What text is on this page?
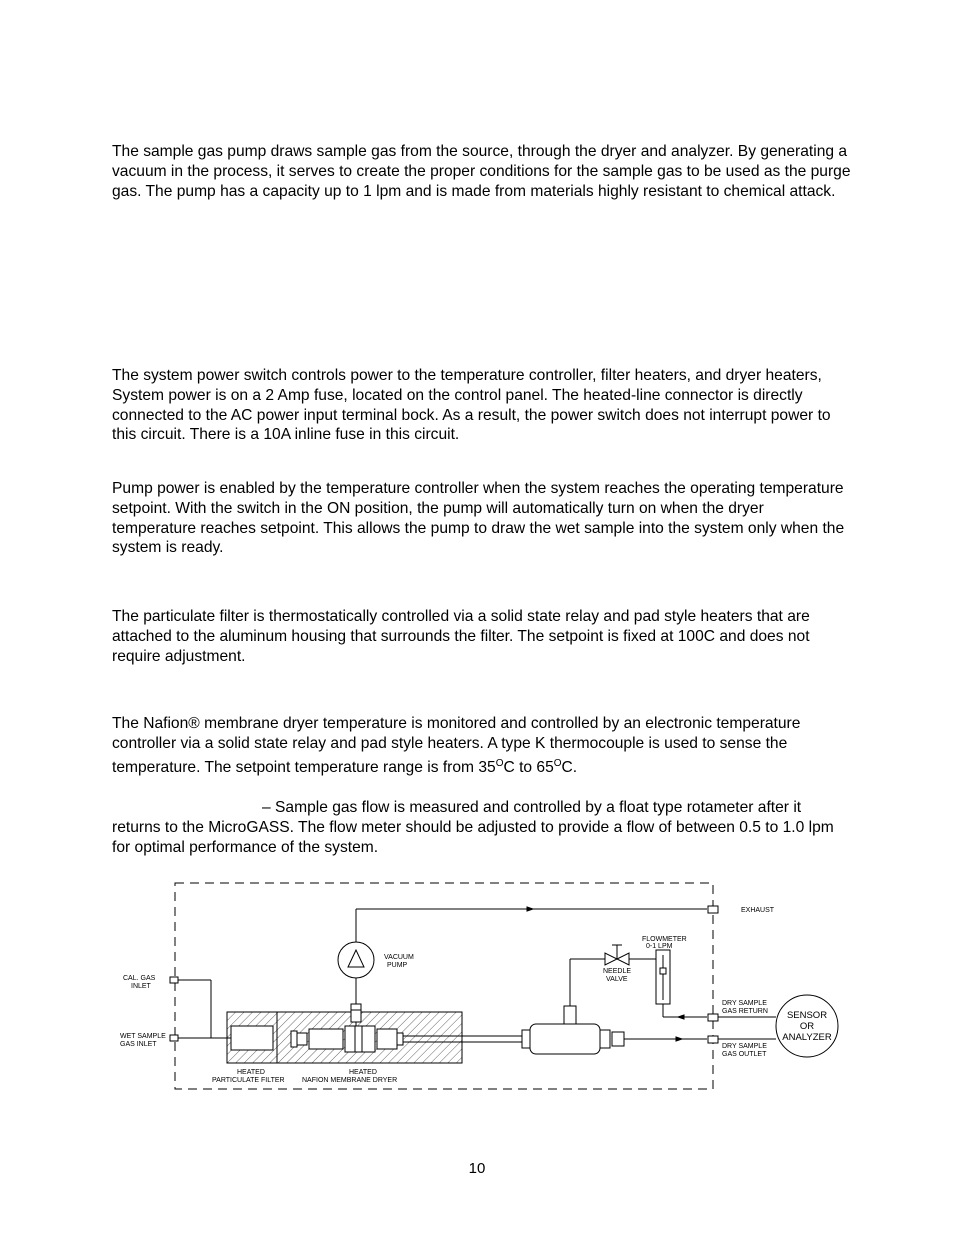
The sample gas pump draws sample gas from the source, through the dryer and analyzer. By generating a vacuum in the process, it serves to create the proper conditions for the sample gas to be used as the purge gas. The pump has a capacity up to 1 lpm and is made from materials highly resistant to chemical attack.
The system power switch controls power to the temperature controller, filter heaters, and dryer heaters, System power is on a 2 Amp fuse, located on the control panel. The heated-line connector is directly connected to the AC power input terminal bock. As a result, the power switch does not interrupt power to this circuit. There is a 10A inline fuse in this circuit.
Pump power is enabled by the temperature controller when the system reaches the operating temperature setpoint. With the switch in the ON position, the pump will automatically turn on when the dryer temperature reaches setpoint. This allows the pump to draw the wet sample into the system only when the system is ready.
The particulate filter is thermostatically controlled via a solid state relay and pad style heaters that are attached to the aluminum housing that surrounds the filter. The setpoint is fixed at 100C and does not require adjustment.
The Nafion® membrane dryer temperature is monitored and controlled by an electronic temperature controller via a solid state relay and pad style heaters. A type K thermocouple is used to sense the temperature. The setpoint temperature range is from $35^OC$ to $65^OC$.
– Sample gas flow is measured and controlled by a float type rotameter after it returns to the MicroGASS. The flow meter should be adjusted to provide a flow of between 0.5 to 1.0 lpm for optimal performance of the system.
EXHAUST
FLOWMETER
0-1 LPM
VACUUM
PUMP
NEEDLE
VALVE
CAL. GAS
INLET
WET SAMPLE
GAS INLET
DRY SAMPLE
GAS RETURN
DRY SAMPLE
GAS OUTLET
SENSOR
OR
ANALYZER
HEATED
PARTICULATE FILTER
HEATED
NAFION MEMBRANE DRYER
10
